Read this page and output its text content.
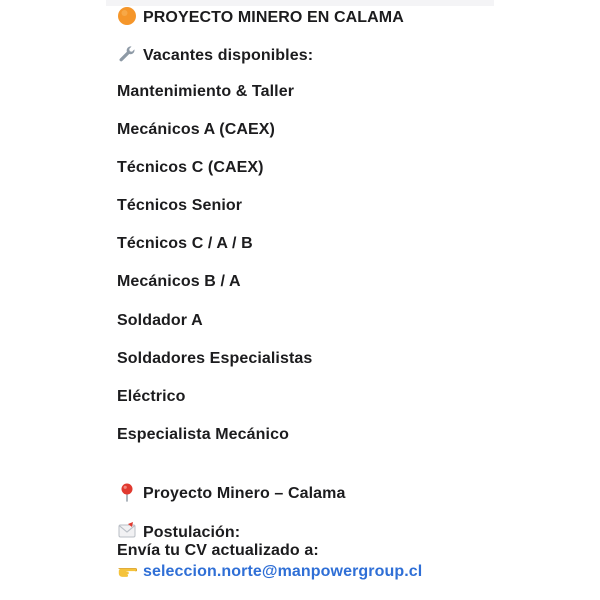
PROYECTO MINERO EN CALAMA
Vacantes disponibles:
Mantenimiento & Taller
Mecánicos A (CAEX)
Técnicos C (CAEX)
Técnicos Senior
Técnicos C / A / B
Mecánicos B / A
Soldador A
Soldadores Especialistas
Eléctrico
Especialista Mecánico
Proyecto Minero – Calama
Postulación:
Envía tu CV actualizado a:
seleccion.norte@manpowergroup.cl
